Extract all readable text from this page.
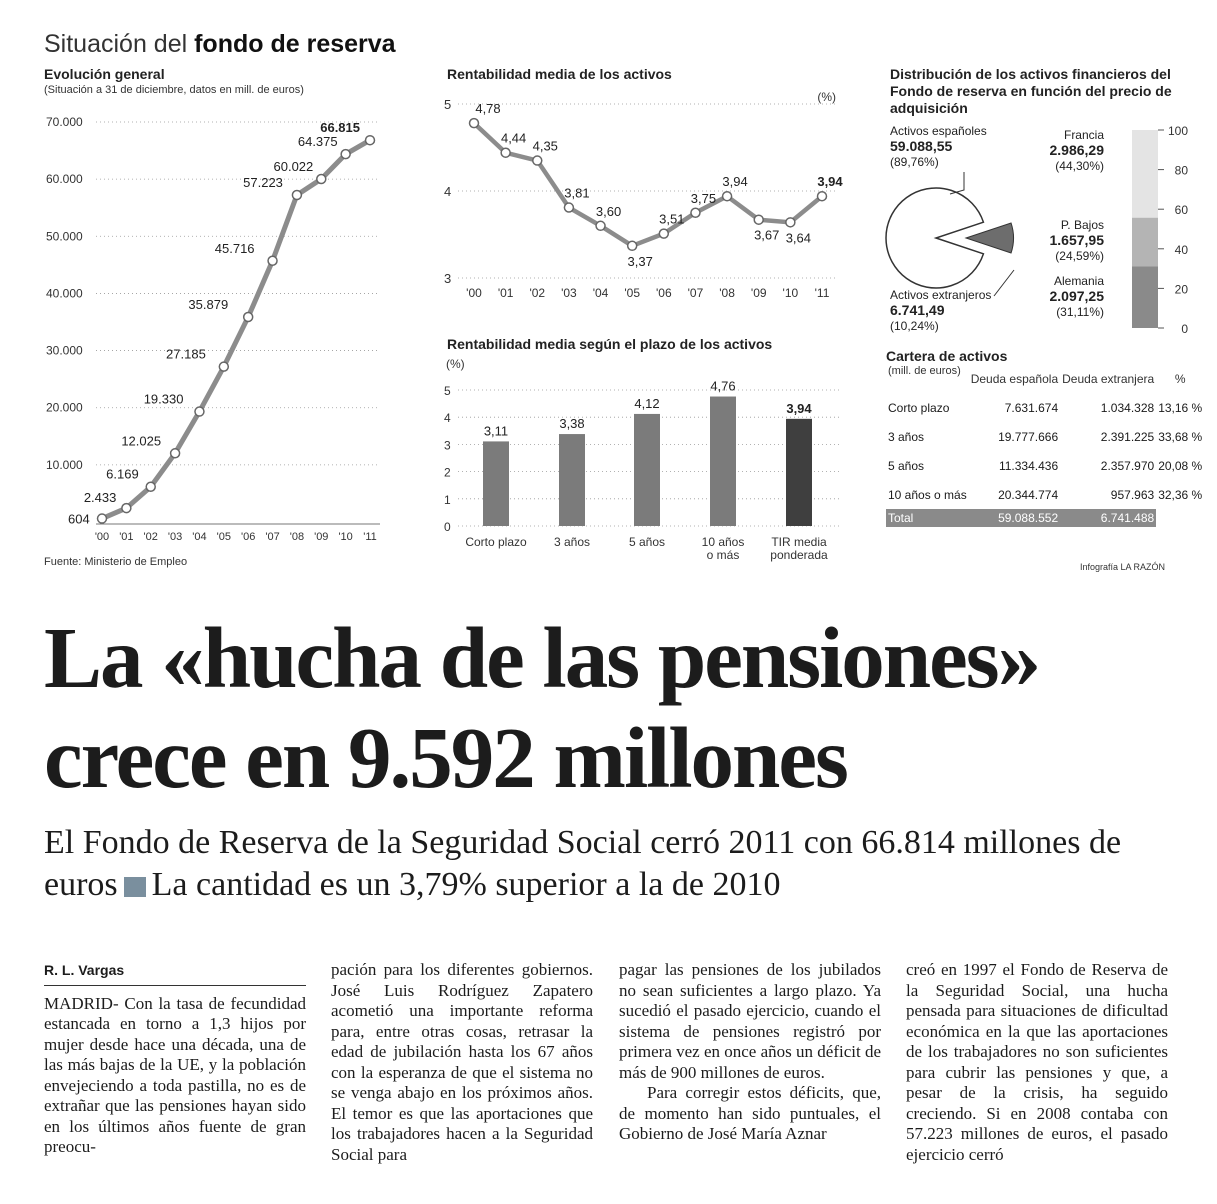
Situación del fondo de reserva
Evolución general
(Situación a 31 de diciembre, datos en mill. de euros)
70.000
60.000
50.000
40.000
30.000
20.000
10.000
604
'00
2.433
'01
6.169
'02
12.025
'03
19.330
'04
27.185
'05
35.879
'06
45.716
'07
57.223
'08
60.022
'09
64.375
'10
66.815
'11
Fuente: Ministerio de Empleo
Rentabilidad media de los activos
5
4
3
(%)
4,78
'00
4,44
'01
4,35
'02
3,81
'03
3,60
'04
3,37
'05
3,51
'06
3,75
'07
3,94
'08
3,67
'09
3,64
'10
3,94
'11
Rentabilidad media según el plazo de los activos
(%)
5
4
3
2
1
0
3,11
Corto plazo
3,38
3 años
4,12
5 años
4,76
10 años
o más
3,94
TIR media
ponderada
Distribución de los activos financieros del Fondo de reserva en función del precio de adquisición
Activos españoles
59.088,55
(89,76%)
Activos extranjeros
6.741,49
(10,24%)
100
80
60
40
20
0
Francia
2.986,29
(44,30%)
P. Bajos
1.657,95
(24,59%)
Alemania
2.097,25
(31,11%)
Cartera de activos
(mill. de euros)	Deuda española	Deuda extranjera	%
Corto plazo	7.631.674	1.034.328	13,16 %
3 años	19.777.666	2.391.225	33,68 %
5 años	11.334.436	2.357.970	20,08 %
10 años o más	20.344.774	957.963	32,36 %
Total	59.088.552	6.741.488	
Infografía LA RAZÓN
La «hucha de las pensiones» crece en 9.592 millones
El Fondo de Reserva de la Seguridad Social cerró 2011 con 66.814 millones de euros La cantidad es un 3,79% superior a la de 2010
R. L. Vargas

MADRID- Con la tasa de fecundidad estancada en torno a 1,3 hijos por mujer desde hace una década, una de las más bajas de la UE, y la población envejeciendo a toda pastilla, no es de extrañar que las pensiones hayan sido en los últimos años fuente de gran preocu-

pación para los diferentes gobiernos. José Luis Rodríguez Zapatero acometió una importante reforma para, entre otras cosas, retrasar la edad de jubilación hasta los 67 años con la esperanza de que el sistema no se venga abajo en los próximos años. El temor es que las aportaciones que los trabajadores hacen a la Seguridad Social para

pagar las pensiones de los jubilados no sean suficientes a largo plazo. Ya sucedió el pasado ejercicio, cuando el sistema de pensiones registró por primera vez en once años un déficit de más de 900 millones de euros.

Para corregir estos déficits, que, de momento han sido puntuales, el Gobierno de José María Aznar

creó en 1997 el Fondo de Reserva de la Seguridad Social, una hucha pensada para situaciones de dificultad económica en la que las aportaciones de los trabajadores no son suficientes para cubrir las pensiones y que, a pesar de la crisis, ha seguido creciendo. Si en 2008 contaba con 57.223 millones de euros, el pasado ejercicio cerró
